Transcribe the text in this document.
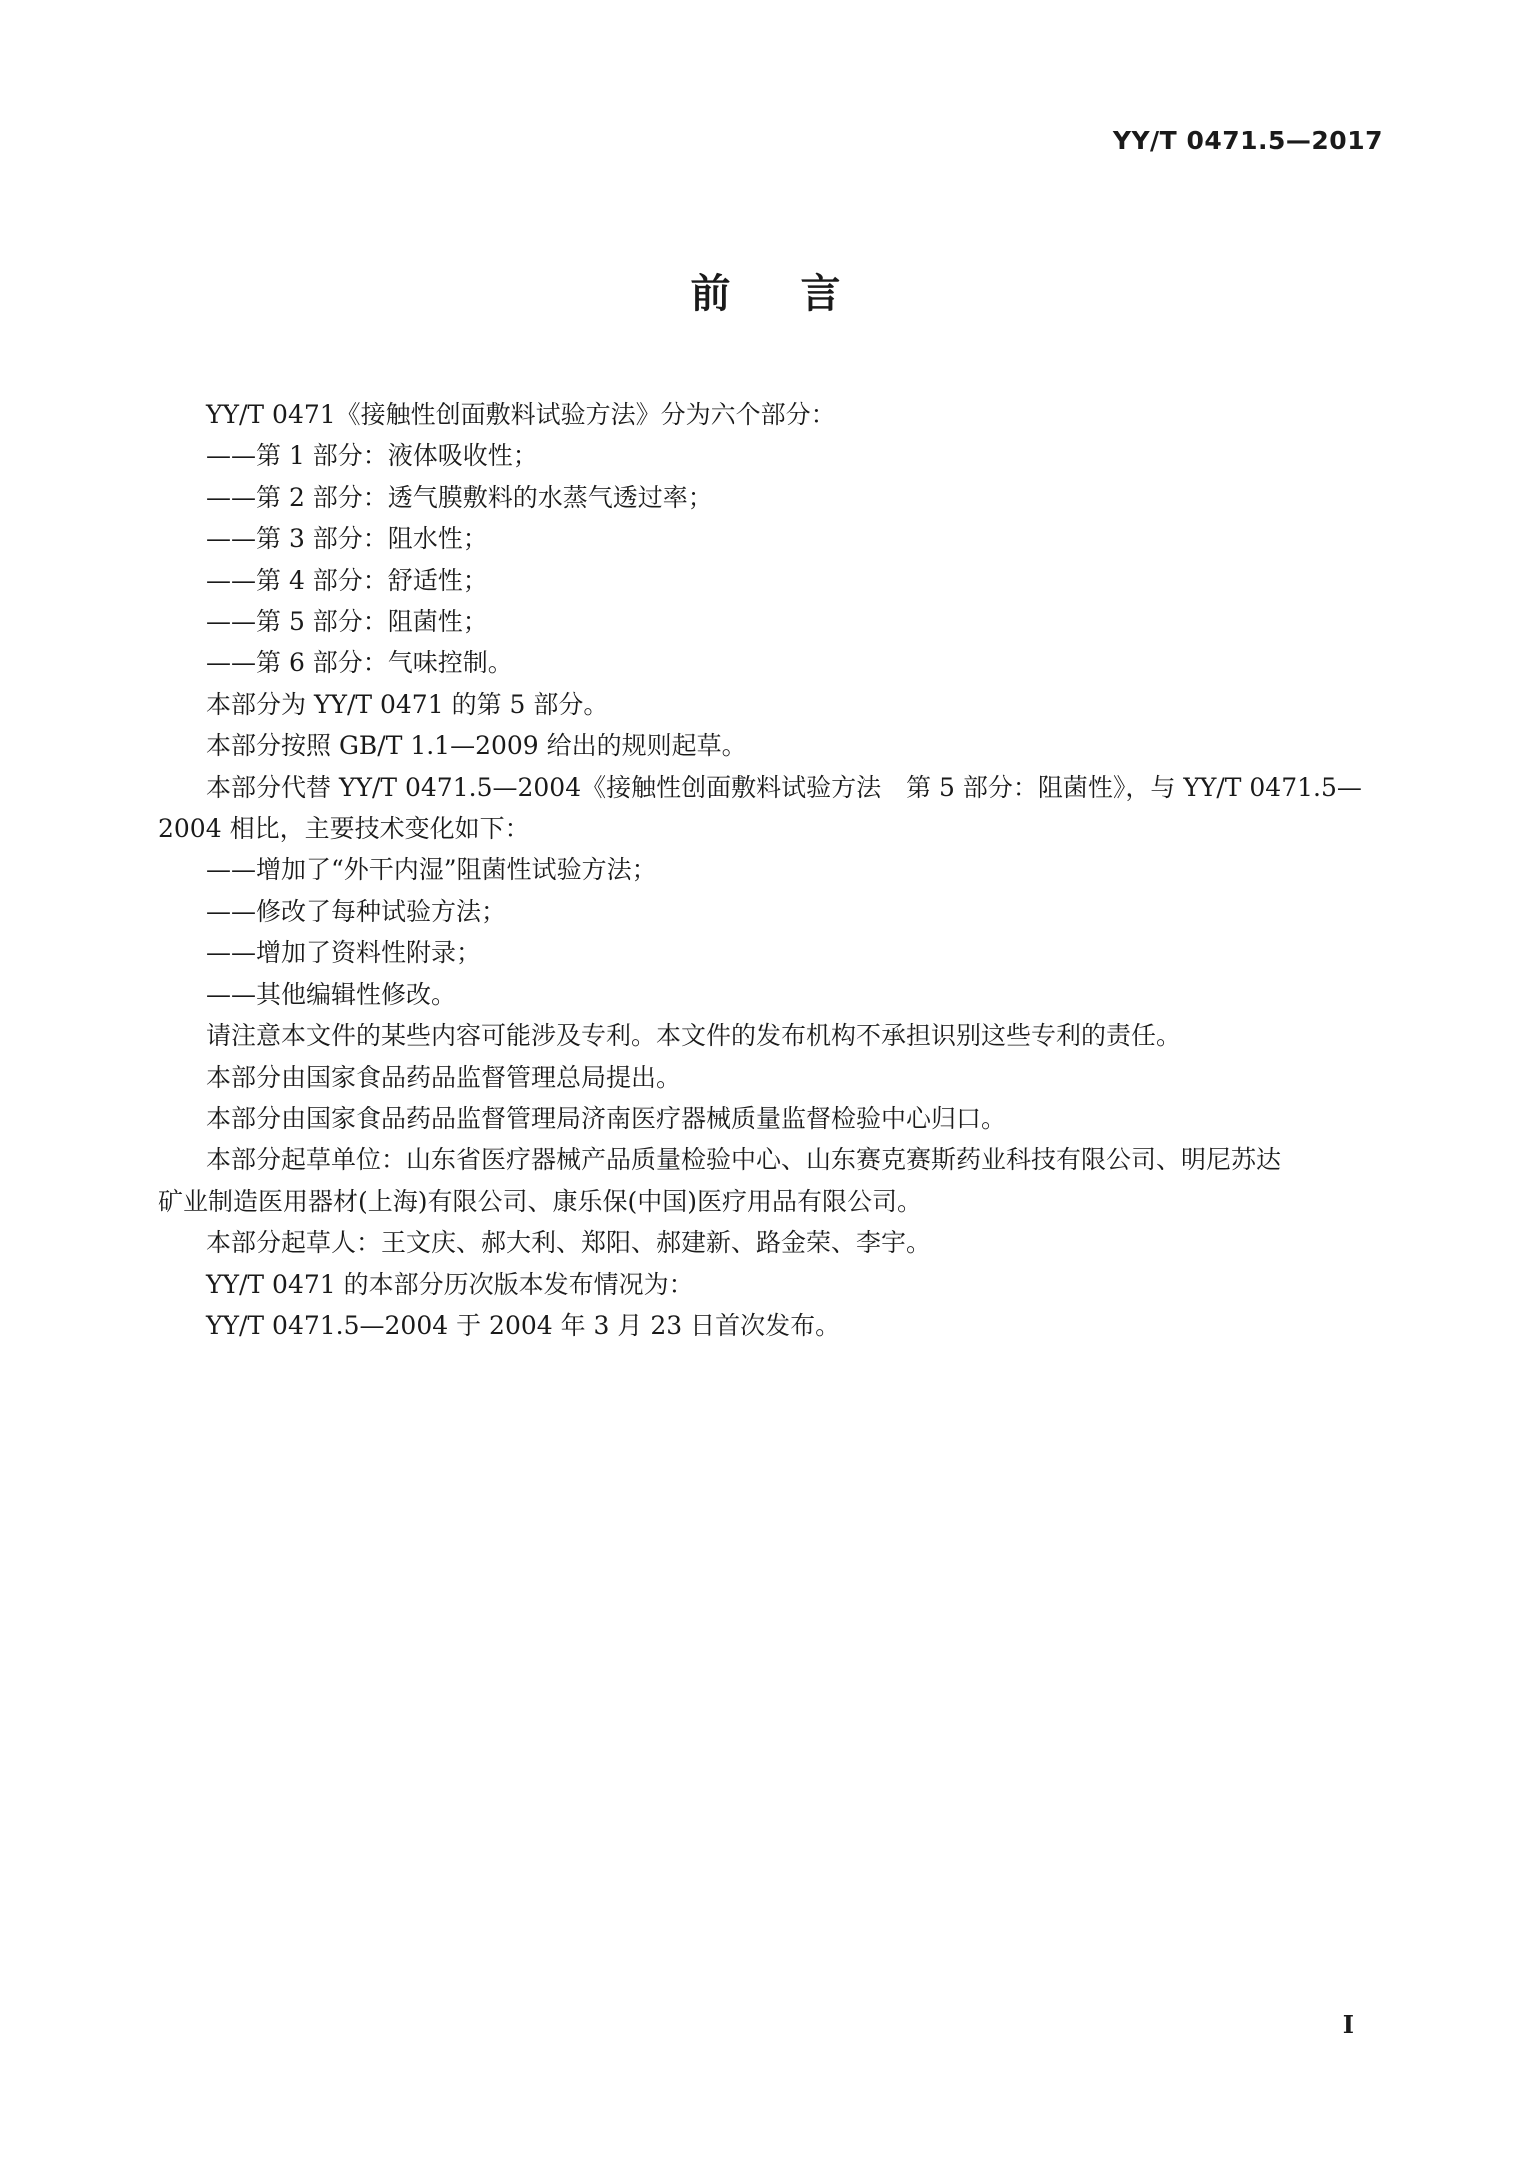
YY/T 0471.5—2017
前言
YY/T 0471《接触性创面敷料试验方法》分为六个部分：
——第 1 部分：液体吸收性；
——第 2 部分：透气膜敷料的水蒸气透过率；
——第 3 部分：阻水性；
——第 4 部分：舒适性；
——第 5 部分：阻菌性；
——第 6 部分：气味控制。
本部分为 YY/T 0471 的第 5 部分。
本部分按照 GB/T 1.1—2009 给出的规则起草。
本部分代替 YY/T 0471.5—2004《接触性创面敷料试验方法　第 5 部分：阻菌性》，与 YY/T 0471.5—
2004 相比，主要技术变化如下：
——增加了“外干内湿”阻菌性试验方法；
——修改了每种试验方法；
——增加了资料性附录；
——其他编辑性修改。
请注意本文件的某些内容可能涉及专利。本文件的发布机构不承担识别这些专利的责任。
本部分由国家食品药品监督管理总局提出。
本部分由国家食品药品监督管理局济南医疗器械质量监督检验中心归口。
本部分起草单位：山东省医疗器械产品质量检验中心、山东赛克赛斯药业科技有限公司、明尼苏达
矿业制造医用器材(上海)有限公司、康乐保(中国)医疗用品有限公司。
本部分起草人：王文庆、郝大利、郑阳、郝建新、路金荣、李宇。
YY/T 0471 的本部分历次版本发布情况为：
YY/T 0471.5—2004 于 2004 年 3 月 23 日首次发布。
I
